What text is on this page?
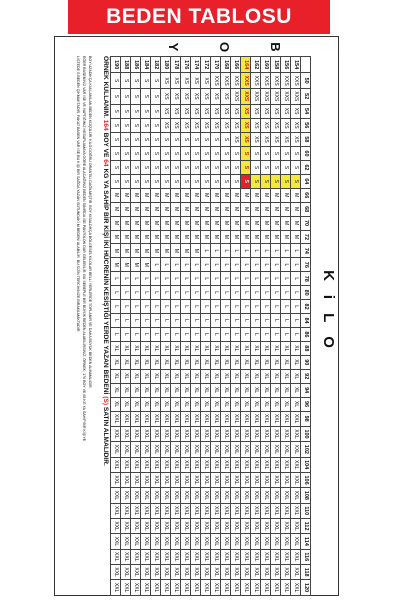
BEDEN TABLOSU
KiLO
B
O
Y
	50	52	54	56	58	60	62	64	66	68	70	72	74	76	78	80	82	84	86	88	90	92	94	96	98	100	102	104	106	108	110	112	114	116	118	120
154	XXS	XXS	XS	XS	XS	S	S	S	M	M	M	M	L	L	L	L	L	L	L	XL	XL	XL	XL	XL	XXL	XXL	XXL	XXL	XXL	XXL	XXL	XXL	XXL	XXL	XXL	XXL
156	XXS	XXS	XS	XS	XS	S	S	S	M	M	M	M	L	L	L	L	L	L	L	XL	XL	XL	XL	XL	XXL	XXL	XXL	XXL	XXL	XXL	XXL	XXL	XXL	XXL	XXL	XXL
158	XXS	XXS	XS	XS	XS	S	S	S	M	M	M	M	L	L	L	L	L	L	L	XL	XL	XL	XL	XL	XXL	XXL	XXL	XXL	XXL	XXL	XXL	XXL	XXL	XXL	XXL	XXL
160	XXS	XXS	XS	XS	XS	S	S	S	M	M	M	M	L	L	L	L	L	L	L	XL	XL	XL	XL	XL	XXL	XXL	XXL	XXL	XXL	XXL	XXL	XXL	XXL	XXL	XXL	XXL
162	XXS	XXS	XS	XS	XS	S	S	S	M	M	M	M	L	L	L	L	L	L	L	XL	XL	XL	XL	XL	XXL	XXL	XXL	XXL	XXL	XXL	XXL	XXL	XXL	XXL	XXL	XXL
164	XXS	XXS	XS	XS	XS	S	S	S	M	M	M	M	L	L	L	L	L	L	L	XL	XL	XL	XL	XL	XXL	XXL	XXL	XXL	XXL	XXL	XXL	XXL	XXL	XXL	XXL	XXL
166	XXS	XXS	XS	XS	XS	S	S	S	M	M	M	M	L	L	L	L	L	L	L	XL	XL	XL	XL	XL	XXL	XXL	XXL	XXL	XXL	XXL	XXL	XXL	XXL	XXL	XXL	XXL
168	XXS	XS	XS	XS	S	S	S	S	M	M	M	M	L	L	L	L	L	L	L	XL	XL	XL	XL	XL	XXL	XXL	XXL	XXL	XXL	XXL	XXL	XXL	XXL	XXL	XXL	XXL
170	XXS	XS	XS	XS	S	S	S	S	M	M	M	M	L	L	L	L	L	L	L	XL	XL	XL	XL	XL	XXL	XXL	XXL	XXL	XXL	XXL	XXL	XXL	XXL	XXL	XXL	XXL
172	XS	XS	XS	XS	S	S	S	S	M	M	M	M	L	L	L	L	L	L	L	XL	XL	XL	XL	XL	XXL	XXL	XXL	XXL	XXL	XXL	XXL	XXL	XXL	XXL	XXL	XXL
174	XS	XS	XS	XS	S	S	S	S	M	M	M	M	M	L	L	L	L	L	L	XL	XL	XL	XL	XL	XXL	XXL	XXL	XXL	XXL	XXL	XXL	XXL	XXL	XXL	XXL	XXL
176	XS	XS	XS	XS	S	S	S	S	M	M	M	M	M	L	L	L	L	L	L	XL	XL	XL	XL	XL	XXL	XXL	XXL	XXL	XXL	XXL	XXL	XXL	XXL	XXL	XXL	XXL
178	XS	XS	XS	XS	S	S	S	S	M	M	M	M	M	L	L	L	L	L	L	XL	XL	XL	XL	XL	XXL	XXL	XXL	XXL	XXL	XXL	XXL	XXL	XXL	XXL	XXL	XXL
180	XS	XS	XS	XS	S	S	S	S	M	M	M	M	M	L	L	L	L	L	L	XL	XL	XL	XL	XL	XXL	XXL	XXL	XXL	XXL	XXL	XXL	XXL	XXL	XXL	XXL	XXL
182	S	S	S	S	S	S	S	S	M	M	M	M	M	L	L	L	L	L	L	XL	XL	XL	XL	XL	XXL	XXL	XXL	XXL	XXL	XXL	XXL	XXL	XXL	XXL	XXL	XXL
184	S	S	S	S	S	S	S	S	M	M	M	M	M	M	L	L	L	L	L	XL	XL	XL	XL	XL	XXL	XXL	XXL	XXL	XXL	XXL	XXL	XXL	XXL	XXL	XXL	XXL
186	S	S	S	S	S	S	S	S	M	M	M	M	M	M	L	L	L	L	L	XL	XL	XL	XL	XL	XXL	XXL	XXL	XXL	XXL	XXL	XXL	XXL	XXL	XXL	XXL	XXL
188	S	S	S	S	S	S	S	S	M	M	M	M	M	M	L	L	L	L	L	XL	XL	XL	XL	XL	XXL	XXL	XXL	XXL	XXL	XXL	XXL	XXL	XXL	XXL	XXL	XXL
190	S	S	S	S	S	S	S	S	M	M	M	M	M	M	L	L	L	L	L	XL	XL	XL	XL	XL	XXL	XXL	XXL	XXL	XXL	XXL	XXL	XXL	XXL	XXL	XXL	XXL
ÖRNEK KULLANIM. 164 BOY VE 64 KG YA SAHİP BİR KİŞİ İKİ HÜCRENİN KESİŞTİĞİ YERDE YAZAN BEDENİ (S) SATIN ALMALIDIR.

BOY UZADIKÇA KULLANILAN BEDEN KÜÇÜLÜR. KİLO DOĞRU ORANTILI DAĞILMIŞTIR. BOY KISALDIKÇA BÖLGESEL KİLOLAR BELLİ YERLERDE TOPLANIR VE DAHA BÜYÜK BEDEN ALINMALIDIR.

EĞER BASENİNİZ VAR İSE VE YAPTIĞINIZ HESAPLAMAYA GÖRE ALACAĞINIZ BEDEN SINIRDA İSE PANTOLON DAR GELEBİLİR. BU SEBEPLE BİR BÜYÜK BEDEN ALABİLİRSİNİZ. ÖRNEK; 170 BOY VE 68 KG YA SAHİP BİR KİŞİYE

LİSTEDE S BEDEN ÇIKMAKTADIR. FAKAT BASEN VAR İSE BU KİŞİ BİR SAĞDA YAZAN SÜTUNDAKİ M BEDENİ ALABİLİR. BU SİZİN TERCİHİNİZE BIRAKILMAKTADIR.
